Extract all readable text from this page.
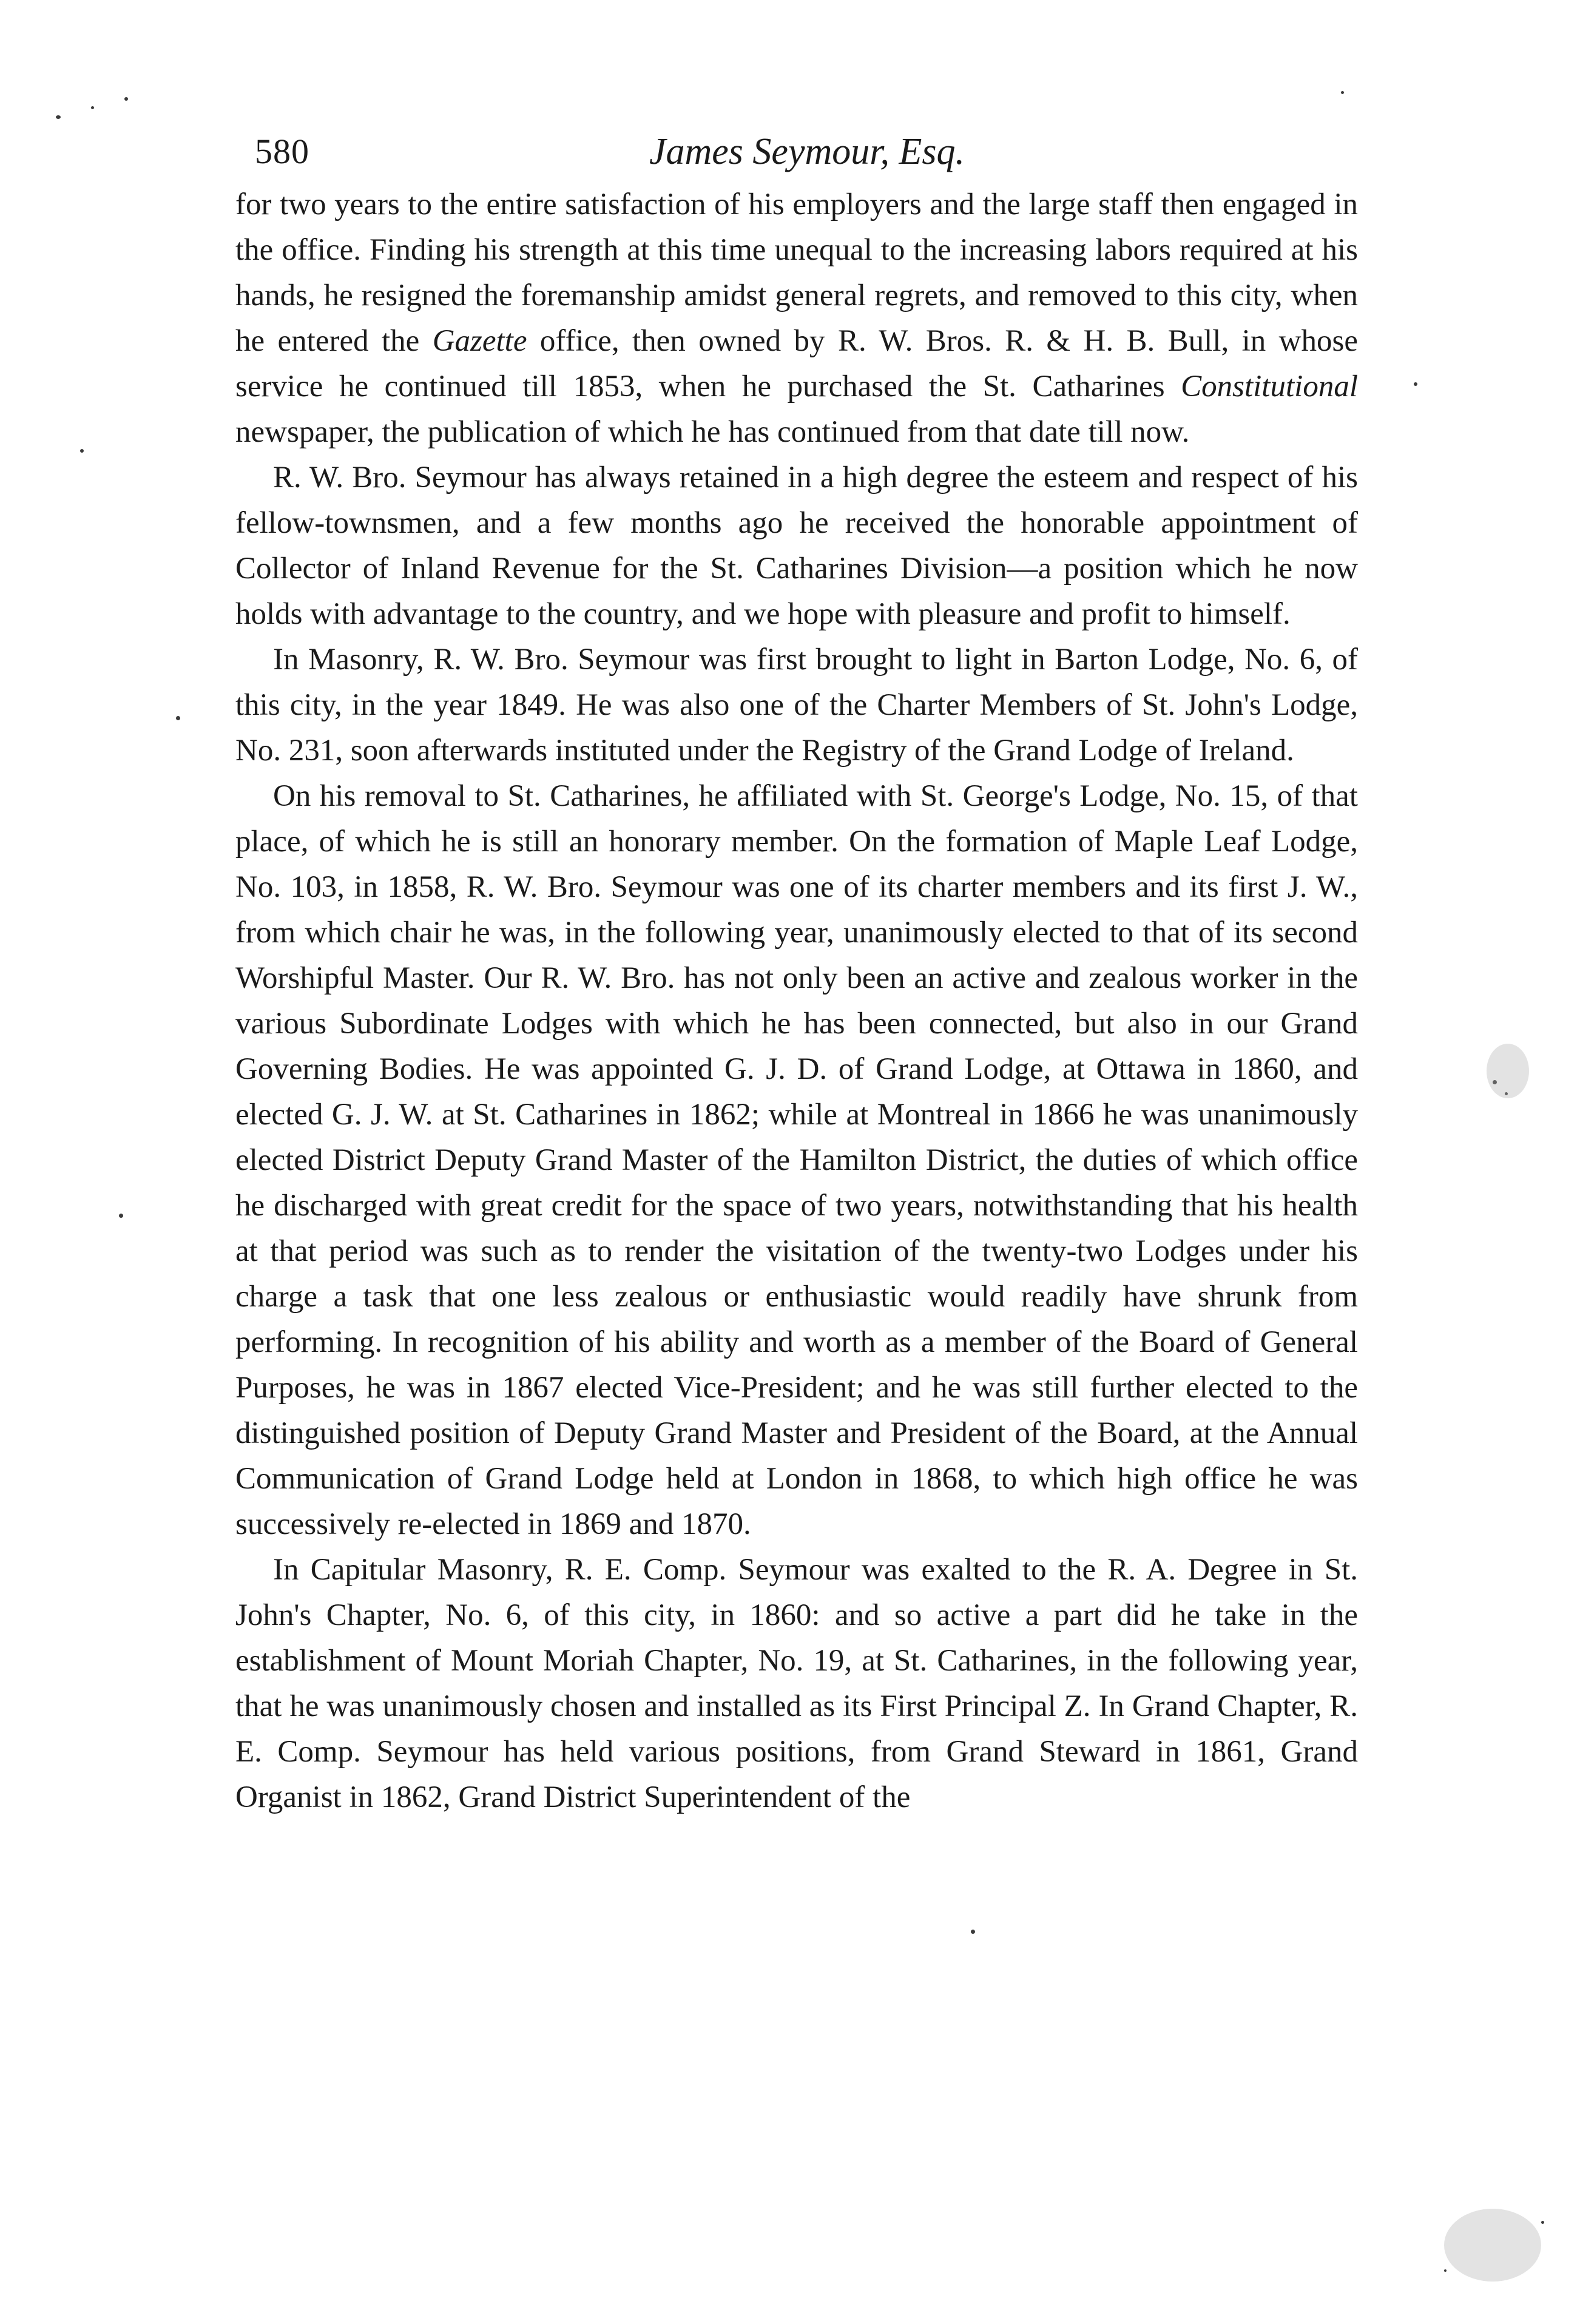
580	James Seymour, Esq.

for two years to the entire satisfaction of his employers and the large staff then engaged in the office. Finding his strength at this time unequal to the increasing labors required at his hands, he resigned the foremanship amidst general regrets, and removed to this city, when he entered the Gazette office, then owned by R. W. Bros. R. & H. B. Bull, in whose service he continued till 1853, when he purchased the St. Catharines Constitutional newspaper, the publication of which he has continued from that date till now.

R. W. Bro. Seymour has always retained in a high degree the esteem and respect of his fellow-townsmen, and a few months ago he received the honorable appointment of Collector of Inland Revenue for the St. Catharines Division—a position which he now holds with advantage to the country, and we hope with pleasure and profit to himself.

In Masonry, R. W. Bro. Seymour was first brought to light in Barton Lodge, No. 6, of this city, in the year 1849. He was also one of the Charter Members of St. John's Lodge, No. 231, soon afterwards instituted under the Registry of the Grand Lodge of Ireland.

On his removal to St. Catharines, he affiliated with St. George's Lodge, No. 15, of that place, of which he is still an honorary member. On the formation of Maple Leaf Lodge, No. 103, in 1858, R. W. Bro. Seymour was one of its charter members and its first J. W., from which chair he was, in the following year, unanimously elected to that of its second Worshipful Master. Our R. W. Bro. has not only been an active and zealous worker in the various Subordinate Lodges with which he has been connected, but also in our Grand Governing Bodies. He was appointed G. J. D. of Grand Lodge, at Ottawa in 1860, and elected G. J. W. at St. Catharines in 1862; while at Montreal in 1866 he was unanimously elected District Deputy Grand Master of the Hamilton District, the duties of which office he discharged with great credit for the space of two years, notwithstanding that his health at that period was such as to render the visitation of the twenty-two Lodges under his charge a task that one less zealous or enthusiastic would readily have shrunk from performing. In recognition of his ability and worth as a member of the Board of General Purposes, he was in 1867 elected Vice-President; and he was still further elected to the distinguished position of Deputy Grand Master and President of the Board, at the Annual Communication of Grand Lodge held at London in 1868, to which high office he was successively re-elected in 1869 and 1870.

In Capitular Masonry, R. E. Comp. Seymour was exalted to the R. A. Degree in St. John's Chapter, No. 6, of this city, in 1860: and so active a part did he take in the establishment of Mount Moriah Chapter, No. 19, at St. Catharines, in the following year, that he was unanimously chosen and installed as its First Principal Z. In Grand Chapter, R. E. Comp. Seymour has held various positions, from Grand Steward in 1861, Grand Organist in 1862, Grand District Superintendent of the
